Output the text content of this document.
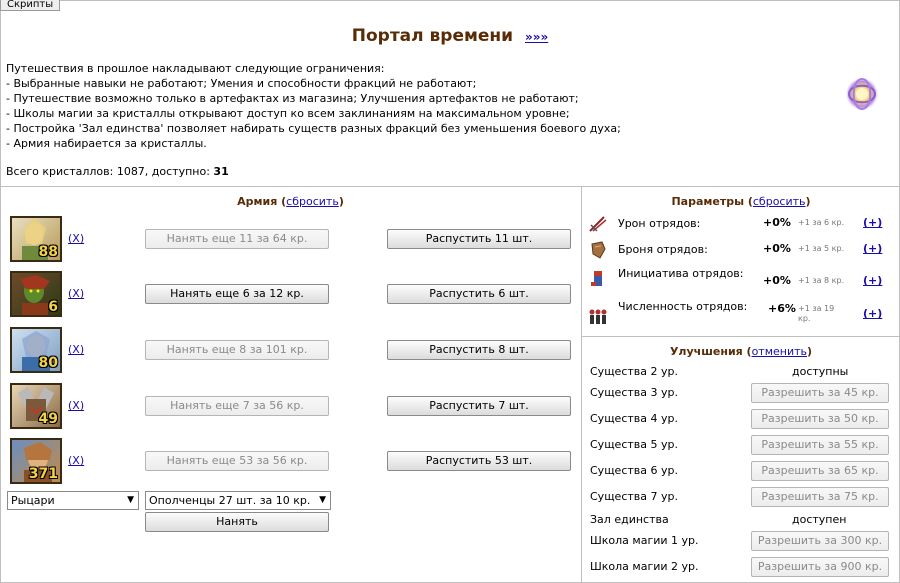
Скрипты
Портал времени »»»
Путешествия в прошлое накладывают следующие ограничения:
- Выбранные навыки не работают; Умения и способности фракций не работают;
- Путешествие возможно только в артефактах из магазина; Улучшения артефактов не работают;
- Школы магии за кристаллы открывают доступ ко всем заклинаниям на максимальном уровне;
- Постройка 'Зал единства' позволяет набирать существ разных фракций без уменьшения боевого духа;
- Армия набирается за кристаллы.
Всего кристаллов: 1087, доступно: 31
Армия (сбросить)
88
(X)	Нанять еще 11 за 64 кр.	Распустить 11 шт.
6
(X)	Нанять еще 6 за 12 кр.	Распустить 6 шт.
80
(X)	Нанять еще 8 за 101 кр.	Распустить 8 шт.
49
(X)	Нанять еще 7 за 56 кр.	Распустить 7 шт.
371
(X)	Нанять еще 53 за 56 кр.	Распустить 53 шт.
Рыцари	▼	Ополченцы 27 шт. за 10 кр. ▼
Нанять
Параметры (сбросить)
Урон отрядов:	+0% +1 за 6 кр. (+)
Броня отрядов:	+0% +1 за 5 кр. (+)
Инициатива отрядов:
+0% +1 за 8 кр. (+)
Численность отрядов: +6% +1 за 19 кр.	(+)
Улучшения (отменить)
Существа 2 ур.	доступны
Существа 3 ур.	Разрешить за 45 кр.
Существа 4 ур.	Разрешить за 50 кр.
Существа 5 ур.	Разрешить за 55 кр.
Существа 6 ур.	Разрешить за 65 кр.
Существа 7 ур.	Разрешить за 75 кр.
Зал единства	доступен
Школа магии 1 ур.	Разрешить за 300 кр.
Школа магии 2 ур.	Разрешить за 900 кр.
